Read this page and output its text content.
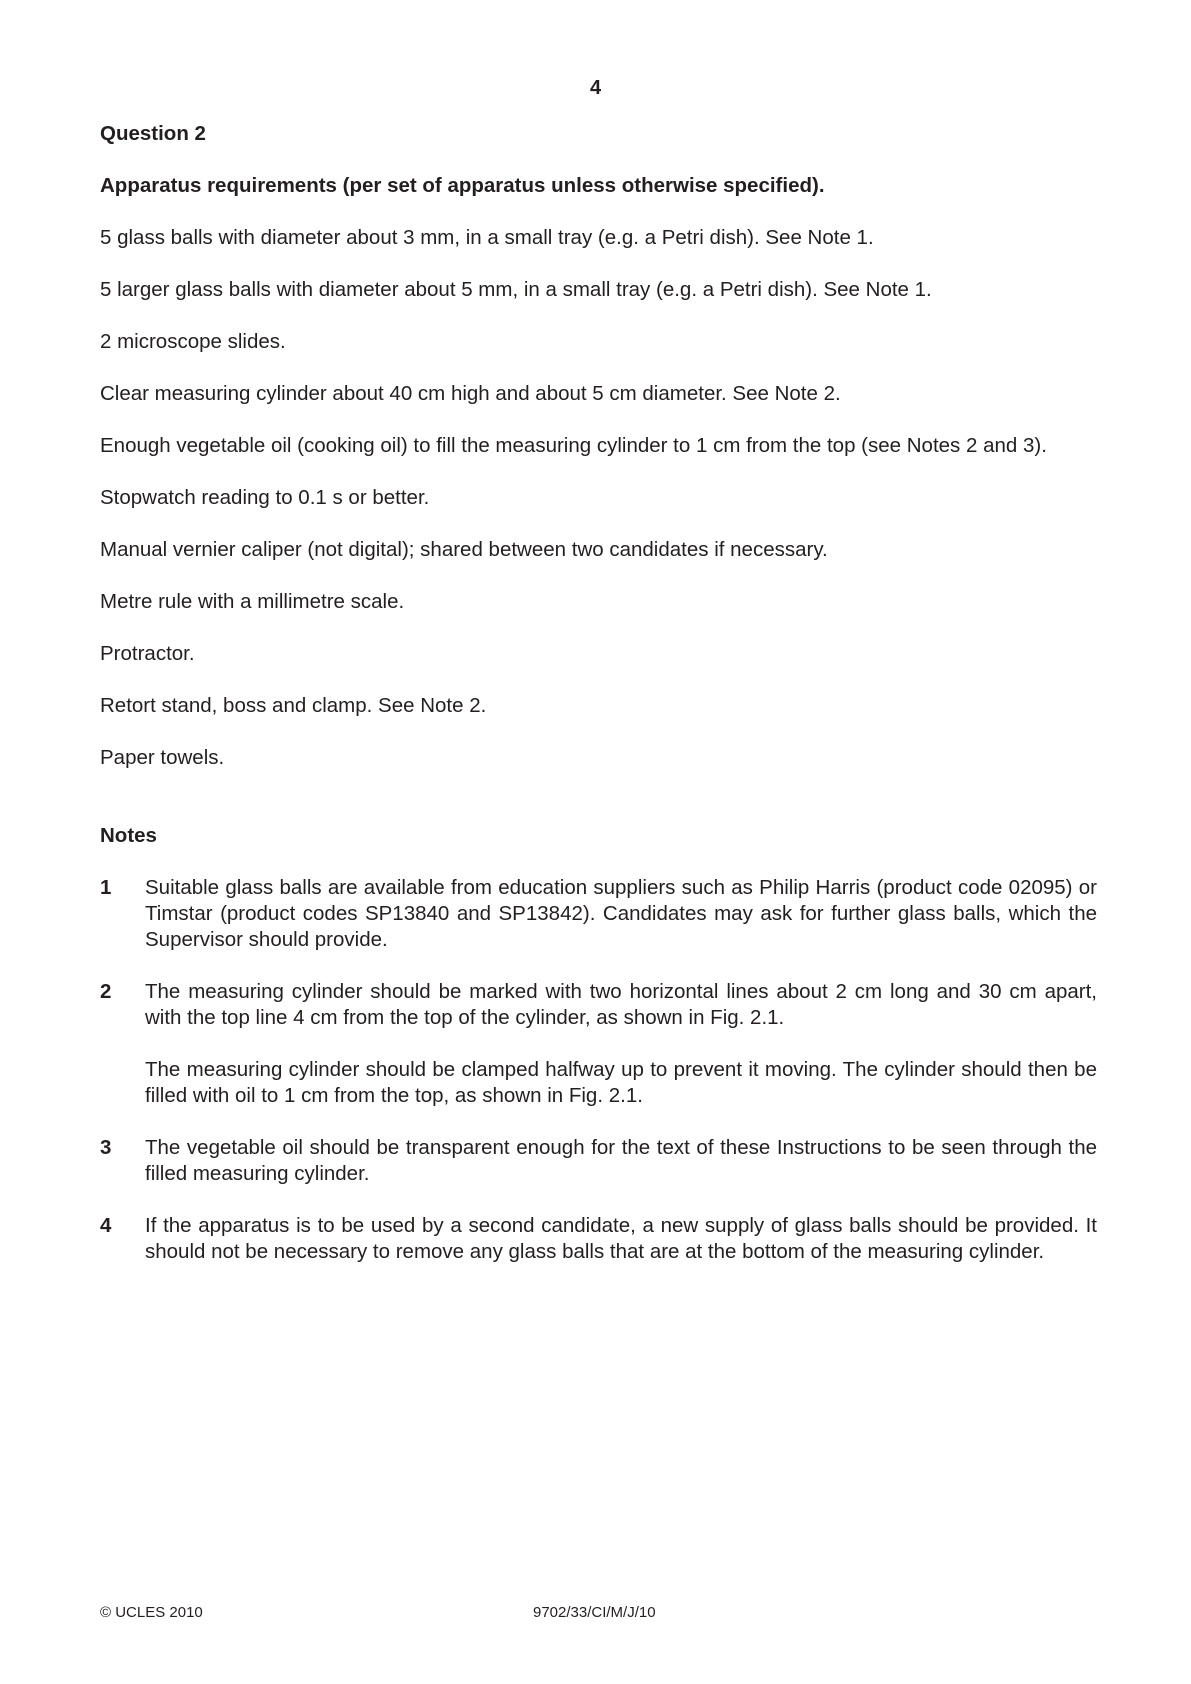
4

Question 2

Apparatus requirements (per set of apparatus unless otherwise specified).

5 glass balls with diameter about 3 mm, in a small tray (e.g. a Petri dish). See Note 1.

5 larger glass balls with diameter about 5 mm, in a small tray (e.g. a Petri dish). See Note 1.

2 microscope slides.

Clear measuring cylinder about 40 cm high and about 5 cm diameter. See Note 2.

Enough vegetable oil (cooking oil) to fill the measuring cylinder to 1 cm from the top (see Notes 2 and 3).

Stopwatch reading to 0.1 s or better.

Manual vernier caliper (not digital); shared between two candidates if necessary.

Metre rule with a millimetre scale.

Protractor.

Retort stand, boss and clamp. See Note 2.

Paper towels.

Notes

1	Suitable glass balls are available from education suppliers such as Philip Harris (product code 02095) or Timstar (product codes SP13840 and SP13842). Candidates may ask for further glass balls, which the Supervisor should provide.

2	The measuring cylinder should be marked with two horizontal lines about 2 cm long and 30 cm apart, with the top line 4 cm from the top of the cylinder, as shown in Fig. 2.1.

The measuring cylinder should be clamped halfway up to prevent it moving. The cylinder should then be filled with oil to 1 cm from the top, as shown in Fig. 2.1.

3	The vegetable oil should be transparent enough for the text of these Instructions to be seen through the filled measuring cylinder.

4	If the apparatus is to be used by a second candidate, a new supply of glass balls should be provided. It should not be necessary to remove any glass balls that are at the bottom of the measuring cylinder.

© UCLES 2010	9702/33/CI/M/J/10
